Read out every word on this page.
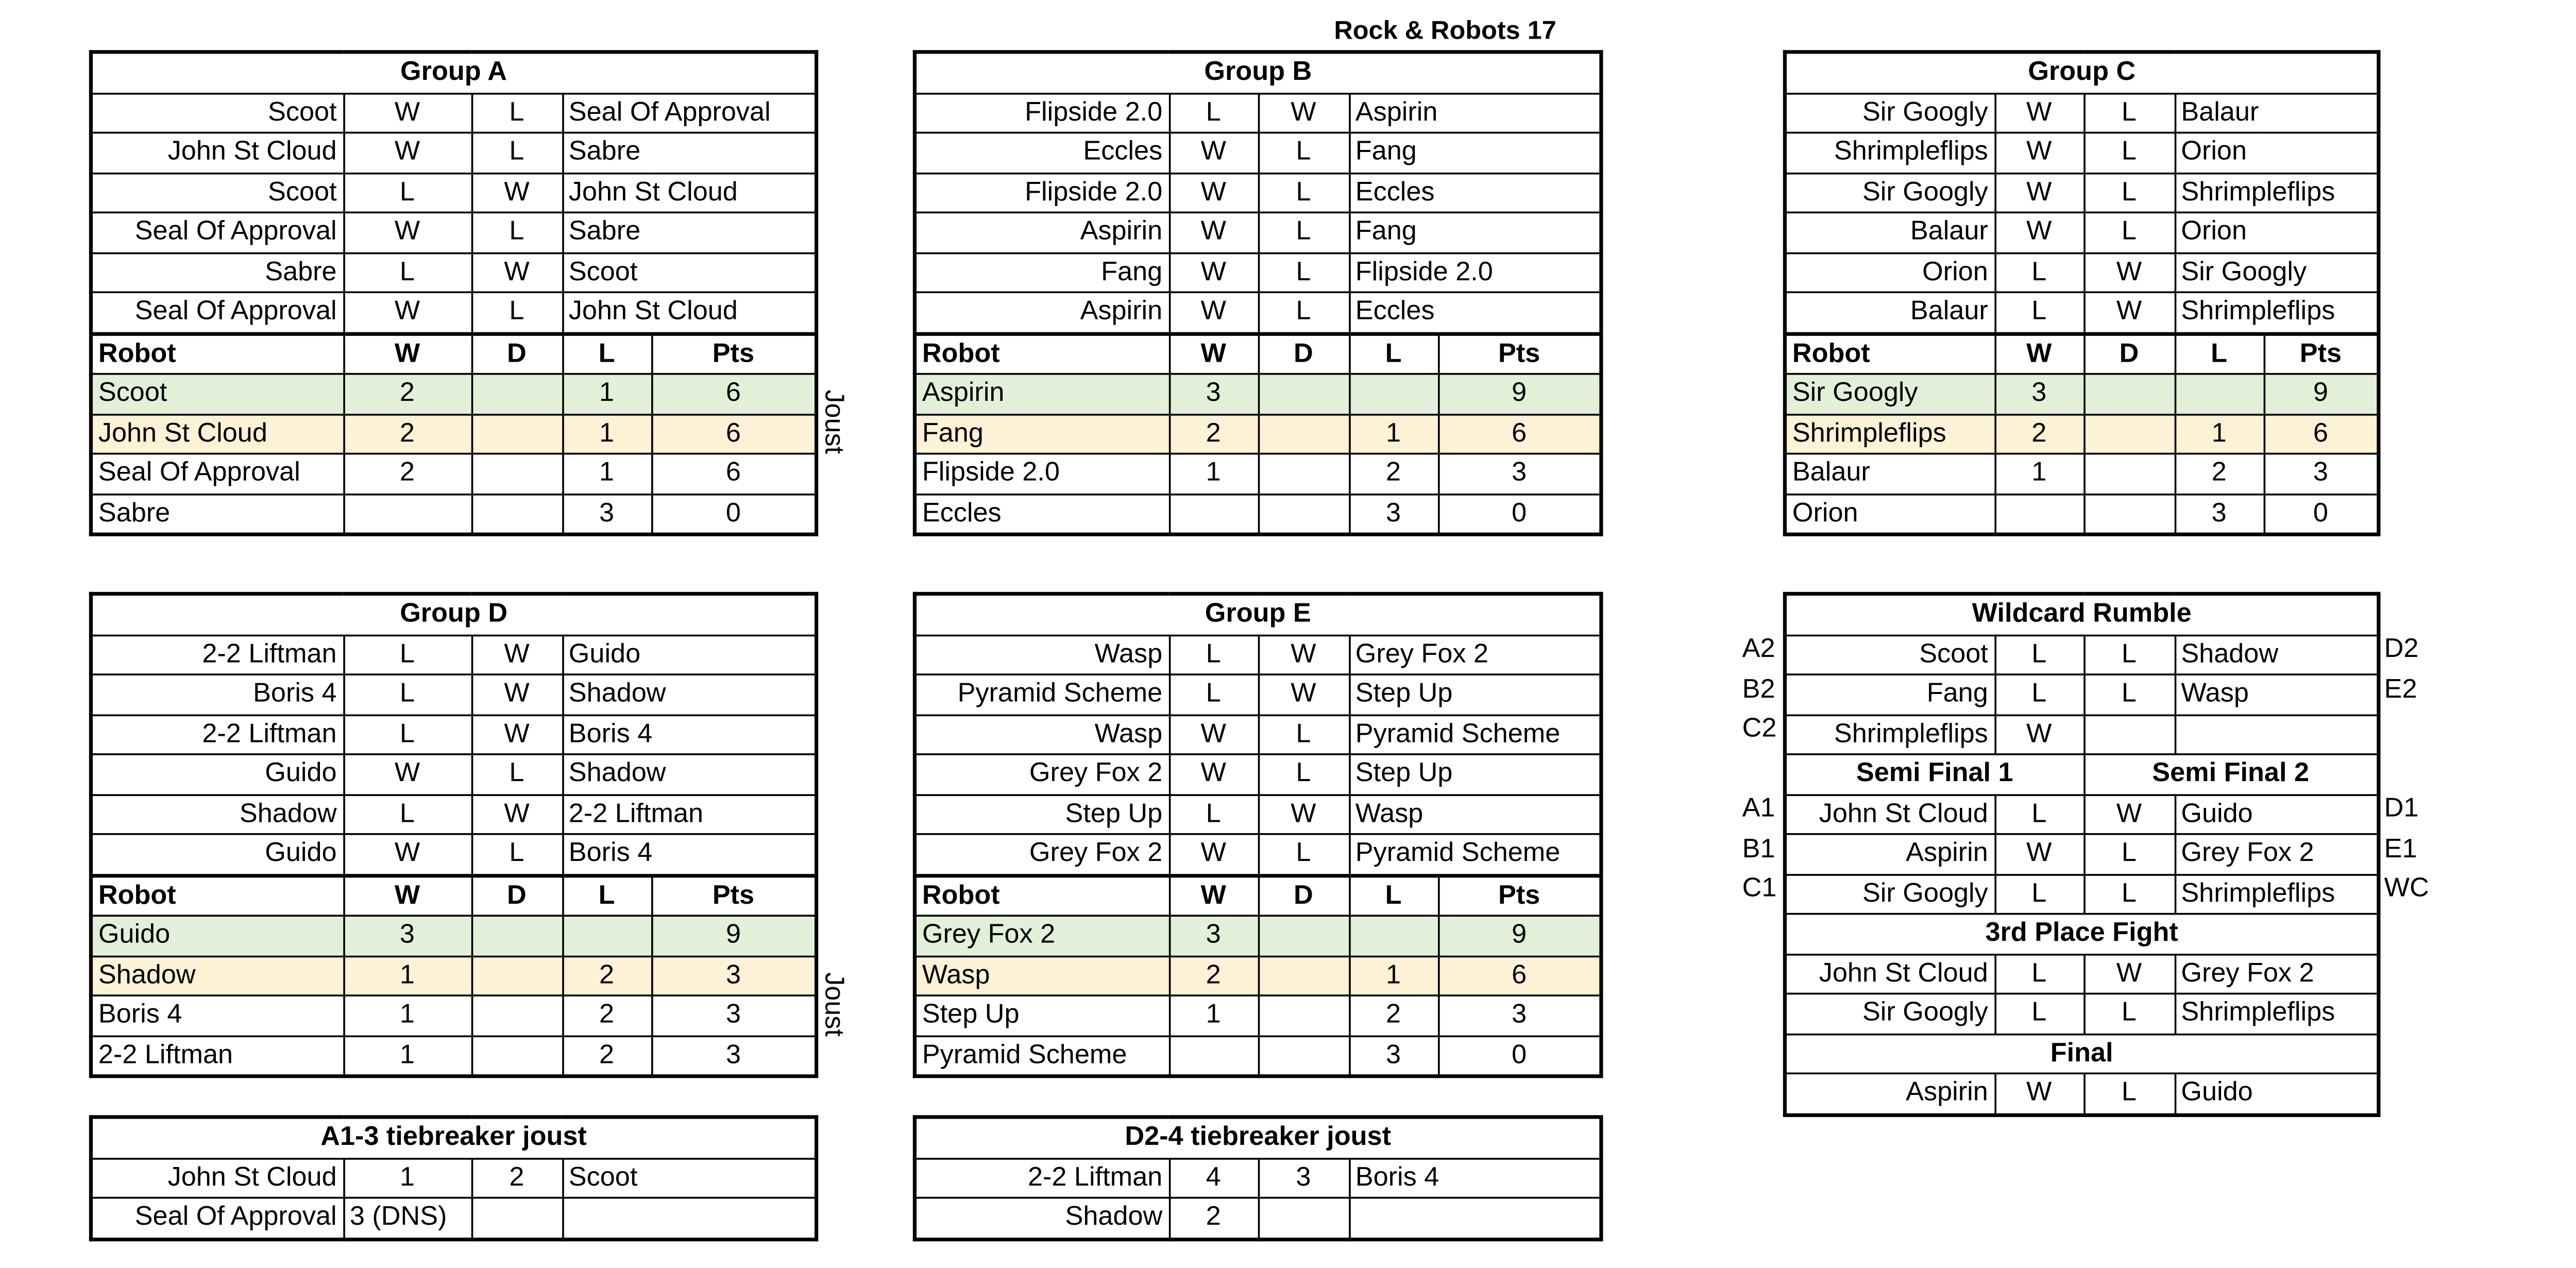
Rock & Robots 17
Group A				
Scoot	W	L	Seal Of Approval	
John St Cloud	W	L	Sabre	
Scoot	L	W	John St Cloud	
Seal Of Approval	W	L	Sabre	
Sabre	L	W	Scoot	
Seal Of Approval	W	L	John St Cloud	
Robot	W	D	L	Pts
Scoot	2		1	6
John St Cloud	2		1	6
Seal Of Approval	2		1	6
Sabre			3	0
Joust
Group B				
Flipside 2.0	L	W	Aspirin	
Eccles	W	L	Fang	
Flipside 2.0	W	L	Eccles	
Aspirin	W	L	Fang	
Fang	W	L	Flipside 2.0	
Aspirin	W	L	Eccles	
Robot	W	D	L	Pts
Aspirin	3			9
Fang	2		1	6
Flipside 2.0	1		2	3
Eccles			3	0
Group C				
Sir Googly	W	L	Balaur	
Shrimpleflips	W	L	Orion	
Sir Googly	W	L	Shrimpleflips	
Balaur	W	L	Orion	
Orion	L	W	Sir Googly	
Balaur	L	W	Shrimpleflips	
Robot	W	D	L	Pts
Sir Googly	3			9
Shrimpleflips	2		1	6
Balaur	1		2	3
Orion			3	0

Group D				
2-2 Liftman	L	W	Guido	
Boris 4	L	W	Shadow	
2-2 Liftman	L	W	Boris 4	
Guido	W	L	Shadow	
Shadow	L	W	2-2 Liftman	
Guido	W	L	Boris 4	
Robot	W	D	L	Pts
Guido	3			9
Shadow	1		2	3
Boris 4	1		2	3
2-2 Liftman	1		2	3
Joust
Group E				
Wasp	L	W	Grey Fox 2	
Pyramid Scheme	L	W	Step Up	
Wasp	W	L	Pyramid Scheme	
Grey Fox 2	W	L	Step Up	
Step Up	L	W	Wasp	
Grey Fox 2	W	L	Pyramid Scheme	
Robot	W	D	L	Pts
Grey Fox 2	3			9
Wasp	2		1	6
Step Up	1		2	3
Pyramid Scheme			3	0
Wildcard Rumble			
Scoot	L	L	Shadow
Fang	L	L	Wasp
Shrimpleflips	W		
Semi Final 1		Semi Final 2	
John St Cloud	L	W	Guido
Aspirin	W	L	Grey Fox 2
Sir Googly	L	L	Shrimpleflips
3rd Place Fight			
John St Cloud	L	W	Grey Fox 2
Sir Googly	L	L	Shrimpleflips
Final			
Aspirin	W	L	Guido
A2
B2
C2
D2
E2
A1
B1
C1
D1
E1
WC
A1-3 tiebreaker joust			
John St Cloud	1	2	Scoot
Seal Of Approval	3 (DNS)		
D2-4 tiebreaker joust			
2-2 Liftman	4	3	Boris 4
Shadow	2		
